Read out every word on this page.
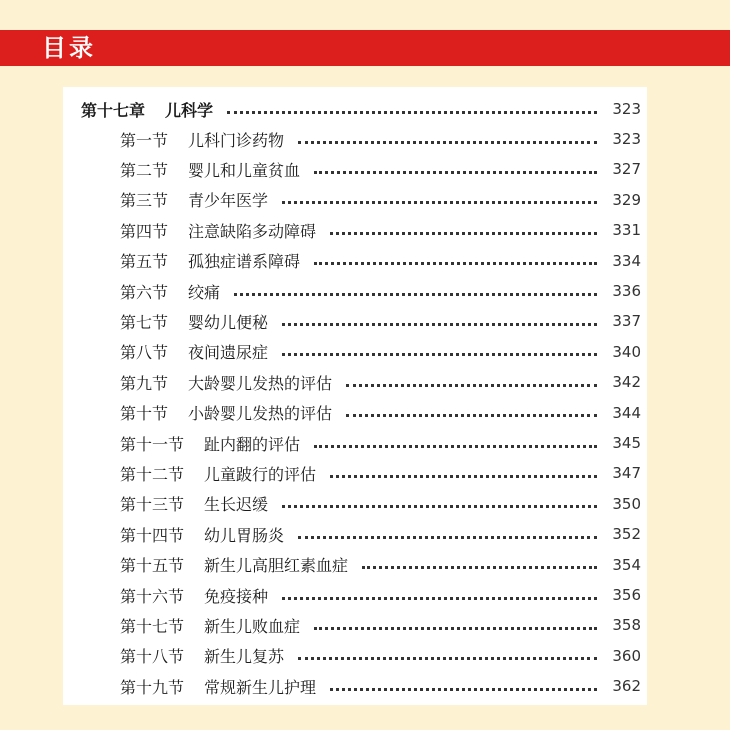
目录
第十七章 儿科学	323
第一节 儿科门诊药物	323
第二节 婴儿和儿童贫血	327
第三节 青少年医学	329
第四节 注意缺陷多动障碍	331
第五节 孤独症谱系障碍	334
第六节 绞痛	336
第七节 婴幼儿便秘	337
第八节 夜间遗尿症	340
第九节 大龄婴儿发热的评估	342
第十节 小龄婴儿发热的评估	344
第十一节 趾内翻的评估	345
第十二节 儿童跛行的评估	347
第十三节 生长迟缓	350
第十四节 幼儿胃肠炎	352
第十五节 新生儿高胆红素血症	354
第十六节 免疫接种	356
第十七节 新生儿败血症	358
第十八节 新生儿复苏	360
第十九节 常规新生儿护理	362
